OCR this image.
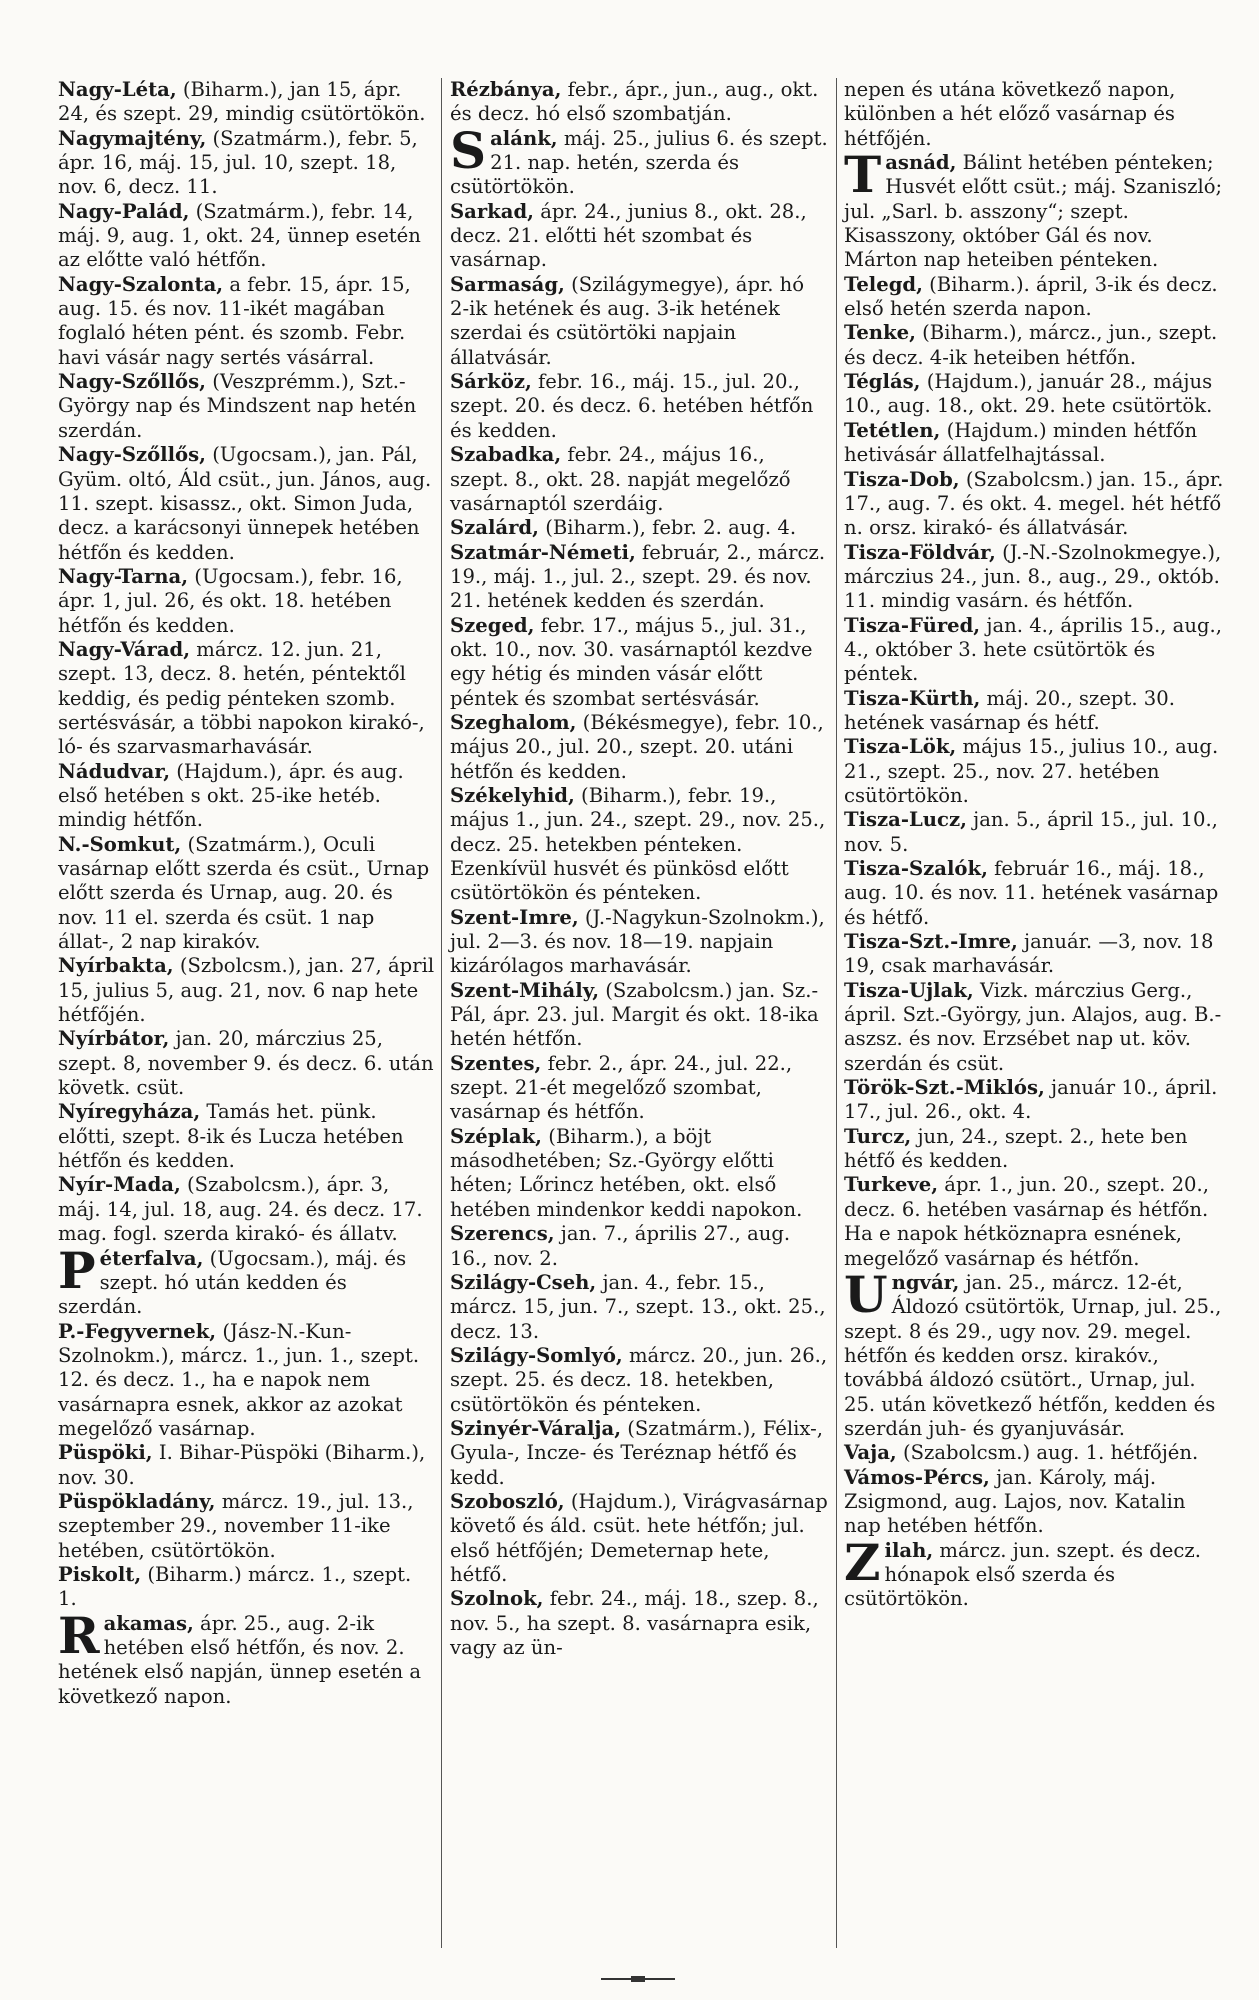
Nagy-Léta, (Biharm.), jan 15, ápr. 24, és szept. 29, mindig csütörtökön.

Nagymajtény, (Szatmárm.), febr. 5, ápr. 16, máj. 15, jul. 10, szept. 18, nov. 6, decz. 11.

Nagy-Palád, (Szatmárm.), febr. 14, máj. 9, aug. 1, okt. 24, ünnep esetén az előtte való hétfőn.

Nagy-Szalonta, a febr. 15, ápr. 15, aug. 15. és nov. 11-ikét magában foglaló héten pént. és szomb. Febr. havi vásár nagy sertés vásárral.

Nagy-Szőllős, (Veszprémm.), Szt.-György nap és Mindszent nap hetén szerdán.

Nagy-Szőllős, (Ugocsam.), jan. Pál, Gyüm. oltó, Áld csüt., jun. János, aug. 11. szept. kisassz., okt. Simon Juda, decz. a karácsonyi ünnepek hetében hétfőn és kedden.

Nagy-Tarna, (Ugocsam.), febr. 16, ápr. 1, jul. 26, és okt. 18. hetében hétfőn és kedden.

Nagy-Várad, márcz. 12. jun. 21, szept. 13, decz. 8. hetén, péntektől keddig, és pedig pénteken szomb. sertésvásár, a többi napokon kirakó-, ló- és szarvasmarhavásár.

Nádudvar, (Hajdum.), ápr. és aug. első hetében s okt. 25-ike hetéb. mindig hétfőn.

N.-Somkut, (Szatmárm.), Oculi vasárnap előtt szerda és csüt., Urnap előtt szerda és Urnap, aug. 20. és nov. 11 el. szerda és csüt. 1 nap állat-, 2 nap kirakóv.

Nyírbakta, (Szbolcsm.), jan. 27, ápril 15, julius 5, aug. 21, nov. 6 nap hete hétfőjén.

Nyírbátor, jan. 20, márczius 25, szept. 8, november 9. és decz. 6. után követk. csüt.

Nyíregyháza, Tamás het. pünk. előtti, szept. 8-ik és Lucza hetében hétfőn és kedden.

Nyír-Mada, (Szabolcsm.), ápr. 3, máj. 14, jul. 18, aug. 24. és decz. 17. mag. fogl. szerda kirakó- és állatv.

Péterfalva, (Ugocsam.), máj. és szept. hó után kedden és szerdán.

P.-Fegyvernek, (Jász-N.-Kun-Szolnokm.), márcz. 1., jun. 1., szept. 12. és decz. 1., ha e napok nem vasárnapra esnek, akkor az azokat megelőző vasárnap.

Püspöki, I. Bihar-Püspöki (Biharm.), nov. 30.

Püspökladány, márcz. 19., jul. 13., szeptember 29., november 11-ike hetében, csütörtökön.

Piskolt, (Biharm.) márcz. 1., szept. 1.

Rakamas, ápr. 25., aug. 2-ik hetében első hétfőn, és nov. 2. hetének első napján, ünnep esetén a következő napon.

Rézbánya, febr., ápr., jun., aug., okt. és decz. hó első szombatján.

Salánk, máj. 25., julius 6. és szept. 21. nap. hetén, szerda és csütörtökön.

Sarkad, ápr. 24., junius 8., okt. 28., decz. 21. előtti hét szombat és vasárnap.

Sarmaság, (Szilágymegye), ápr. hó 2-ik hetének és aug. 3-ik hetének szerdai és csütörtöki napjain állatvásár.

Sárköz, febr. 16., máj. 15., jul. 20., szept. 20. és decz. 6. hetében hétfőn és kedden.

Szabadka, febr. 24., május 16., szept. 8., okt. 28. napját megelőző vasárnaptól szerdáig.

Szalárd, (Biharm.), febr. 2. aug. 4.

Szatmár-Németi, február, 2., márcz. 19., máj. 1., jul. 2., szept. 29. és nov. 21. hetének kedden és szerdán.

Szeged, febr. 17., május 5., jul. 31., okt. 10., nov. 30. vasárnaptól kezdve egy hétig és minden vásár előtt péntek és szombat sertésvásár.

Szeghalom, (Békésmegye), febr. 10., május 20., jul. 20., szept. 20. utáni hétfőn és kedden.

Székelyhid, (Biharm.), febr. 19., május 1., jun. 24., szept. 29., nov. 25., decz. 25. hetekben pénteken. Ezenkívül husvét és pünkösd előtt csütörtökön és pénteken.

Szent-Imre, (J.-Nagykun-Szolnokm.), jul. 2—3. és nov. 18—19. napjain kizárólagos marhavásár.

Szent-Mihály, (Szabolcsm.) jan. Sz.-Pál, ápr. 23. jul. Margit és okt. 18-ika hetén hétfőn.

Szentes, febr. 2., ápr. 24., jul. 22., szept. 21-ét megelőző szombat, vasárnap és hétfőn.

Széplak, (Biharm.), a böjt másodhetében; Sz.-György előtti héten; Lőrincz hetében, okt. első hetében mindenkor keddi napokon.

Szerencs, jan. 7., április 27., aug. 16., nov. 2.

Szilágy-Cseh, jan. 4., febr. 15., márcz. 15, jun. 7., szept. 13., okt. 25., decz. 13.

Szilágy-Somlyó, márcz. 20., jun. 26., szept. 25. és decz. 18. hetekben, csütörtökön és pénteken.

Szinyér-Váralja, (Szatmárm.), Félix-, Gyula-, Incze- és Teréznap hétfő és kedd.

Szoboszló, (Hajdum.), Virágvasárnap követő és áld. csüt. hete hétfőn; jul. első hétfőjén; Demeternap hete, hétfő.

Szolnok, febr. 24., máj. 18., szep. 8., nov. 5., ha szept. 8. vasárnapra esik, vagy az ün-

nepen és utána következő napon, különben a hét előző vasárnap és hétfőjén.

Tasnád, Bálint hetében pénteken; Husvét előtt csüt.; máj. Szaniszló; jul. „Sarl. b. asszony“; szept. Kisasszony, október Gál és nov. Márton nap heteiben pénteken.

Telegd, (Biharm.). ápril, 3-ik és decz. első hetén szerda napon.

Tenke, (Biharm.), márcz., jun., szept. és decz. 4-ik heteiben hétfőn.

Téglás, (Hajdum.), január 28., május 10., aug. 18., okt. 29. hete csütörtök.

Tetétlen, (Hajdum.) minden hétfőn hetivásár állatfelhajtással.

Tisza-Dob, (Szabolcsm.) jan. 15., ápr. 17., aug. 7. és okt. 4. megel. hét hétfő n. orsz. kirakó- és állatvásár.

Tisza-Földvár, (J.-N.-Szolnokmegye.), márczius 24., jun. 8., aug., 29., októb. 11. mindig vasárn. és hétfőn.

Tisza-Füred, jan. 4., április 15., aug., 4., október 3. hete csütörtök és péntek.

Tisza-Kürth, máj. 20., szept. 30. hetének vasárnap és hétf.

Tisza-Lök, május 15., julius 10., aug. 21., szept. 25., nov. 27. hetében csütörtökön.

Tisza-Lucz, jan. 5., ápril 15., jul. 10., nov. 5.

Tisza-Szalók, február 16., máj. 18., aug. 10. és nov. 11. hetének vasárnap és hétfő.

Tisza-Szt.-Imre, január. —3, nov. 18 19, csak marhavásár.

Tisza-Ujlak, Vizk. márczius Gerg., ápril. Szt.-György, jun. Alajos, aug. B.-aszsz. és nov. Erzsébet nap ut. köv. szerdán és csüt.

Török-Szt.-Miklós, január 10., ápril. 17., jul. 26., okt. 4.

Turcz, jun, 24., szept. 2., hete ben hétfő és kedden.

Turkeve, ápr. 1., jun. 20., szept. 20., decz. 6. hetében vasárnap és hétfőn. Ha e napok hétköznapra esnének, megelőző vasárnap és hétfőn.

Ungvár, jan. 25., márcz. 12-ét, Áldozó csütörtök, Urnap, jul. 25., szept. 8 és 29., ugy nov. 29. megel. hétfőn és kedden orsz. kirakóv., továbbá áldozó csütört., Urnap, jul. 25. után következő hétfőn, kedden és szerdán juh- és gyanjuvásár.

Vaja, (Szabolcsm.) aug. 1. hétfőjén.

Vámos-Pércs, jan. Károly, máj. Zsigmond, aug. Lajos, nov. Katalin nap hetében hétfőn.

Zilah, márcz. jun. szept. és decz. hónapok első szerda és csütörtökön.
